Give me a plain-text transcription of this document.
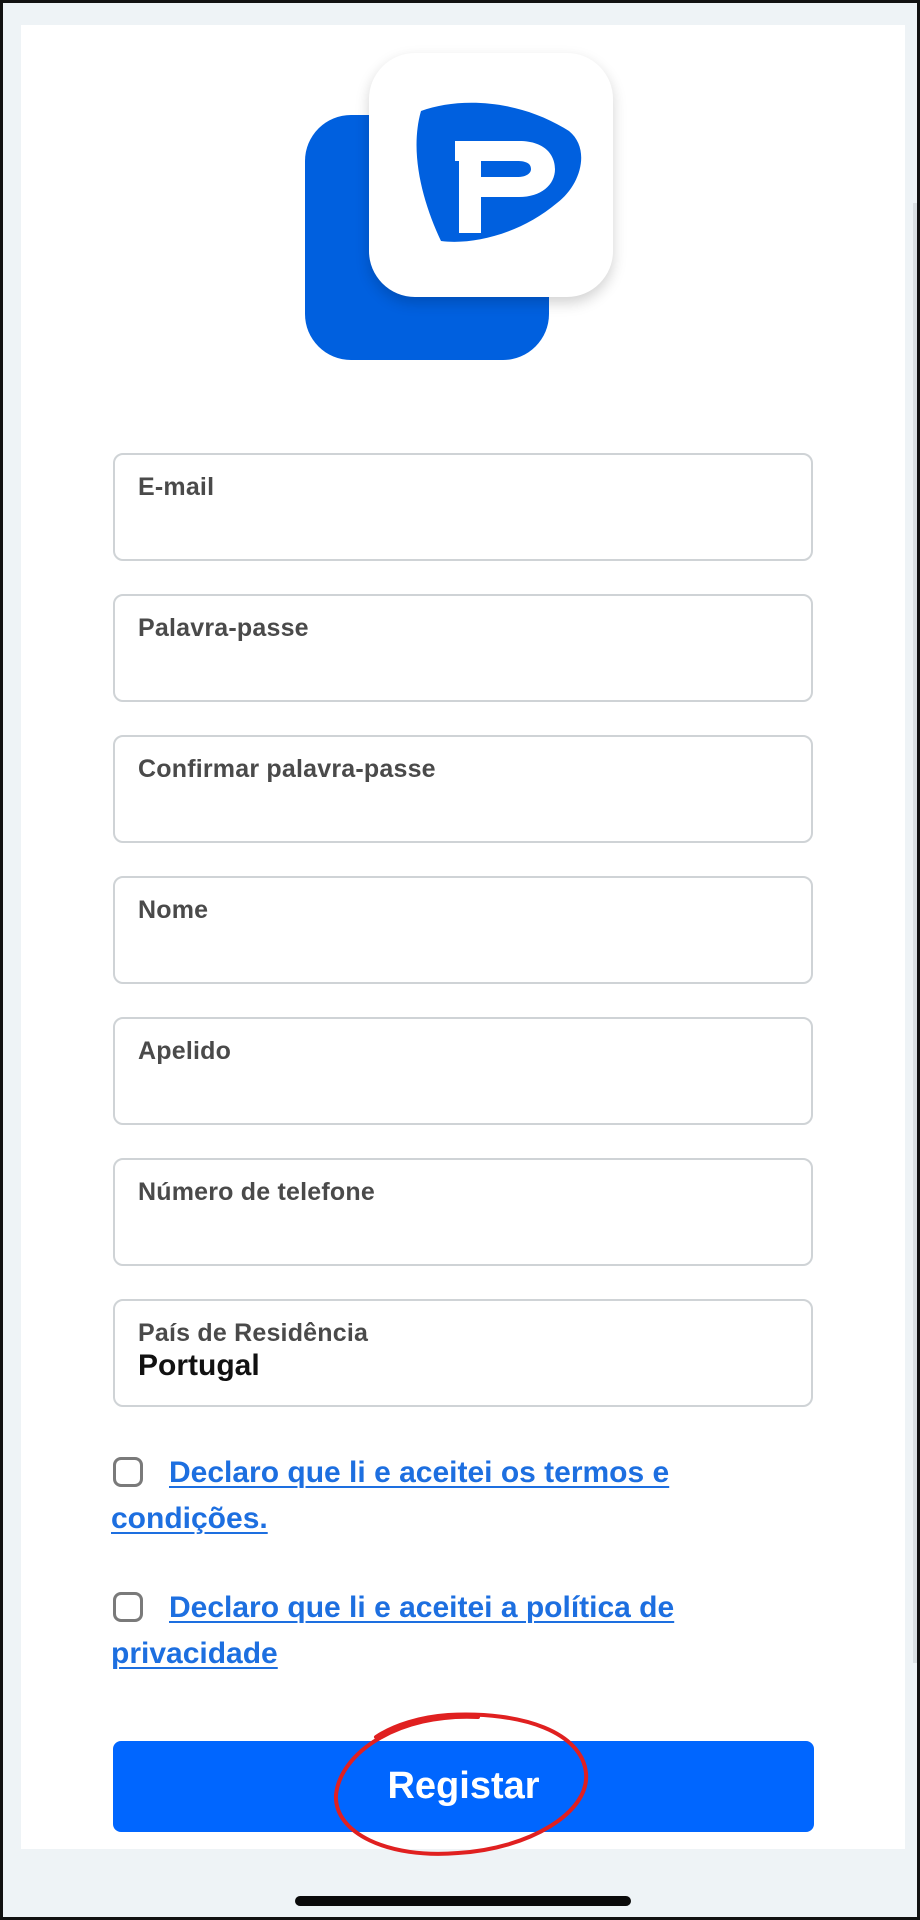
E-mail
Palavra-passe
Confirmar palavra-passe
Nome
Apelido
Número de telefone
País de Residência
Portugal
Declaro que li e aceitei os termos e condições.
Declaro que li e aceitei a política de privacidade
Registar
